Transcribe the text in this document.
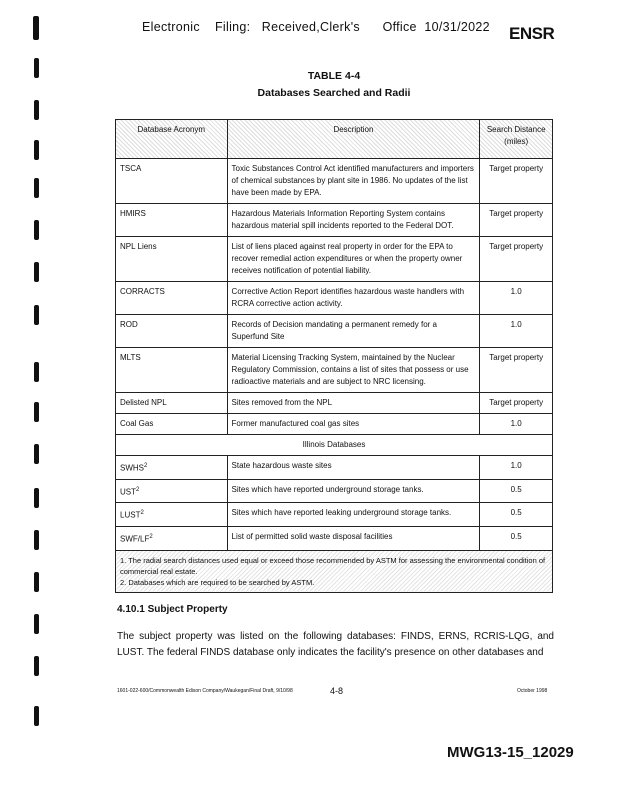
Electronic    Filing:   Received,Clerk's      Office  10/31/2022 ENSR
TABLE 4-4
Databases Searched and Radii
Database Acronym	Description	Search Distance (miles)
TSCA	Toxic Substances Control Act identified manufacturers and importers of chemical substances by plant site in 1986. No updates of the list have been made by EPA.	Target property
HMIRS	Hazardous Materials Information Reporting System contains hazardous material spill incidents reported to the Federal DOT.	Target property
NPL Liens	List of liens placed against real property in order for the EPA to recover remedial action expenditures or when the property owner receives notification of potential liability.	Target property
CORRACTS	Corrective Action Report identifies hazardous waste handlers with RCRA corrective action activity.	1.0
ROD	Records of Decision mandating a permanent remedy for a Superfund Site	1.0
MLTS	Material Licensing Tracking System, maintained by the Nuclear Regulatory Commission, contains a list of sites that possess or use radioactive materials and are subject to NRC licensing.	Target property
Delisted NPL	Sites removed from the NPL	Target property
Coal Gas	Former manufactured coal gas sites	1.0
Illinois Databases		
SWHS$^2$	State hazardous waste sites	1.0
UST$^2$	Sites which have reported underground storage tanks.	0.5
LUST$^2$	Sites which have reported leaking underground storage tanks.	0.5
SWF/$LF^2$	List of permitted solid waste disposal facilities	0.5

1. The radial search distances used equal or exceed those recommended by ASTM for assessing the environmental condition of commercial real estate.
2. Databases which are required to be searched by ASTM.		
4.10.1 Subject Property
The subject property was listed on the following databases: FINDS, ERNS, RCRIS-LQG, and LUST. The federal FINDS database only indicates the facility's presence on other databases and
1601-022-600/Commonwealth Edison Company/Waukegan/Final Draft, 9/10/98	4-8	October 1998
MWG13-15_12029
